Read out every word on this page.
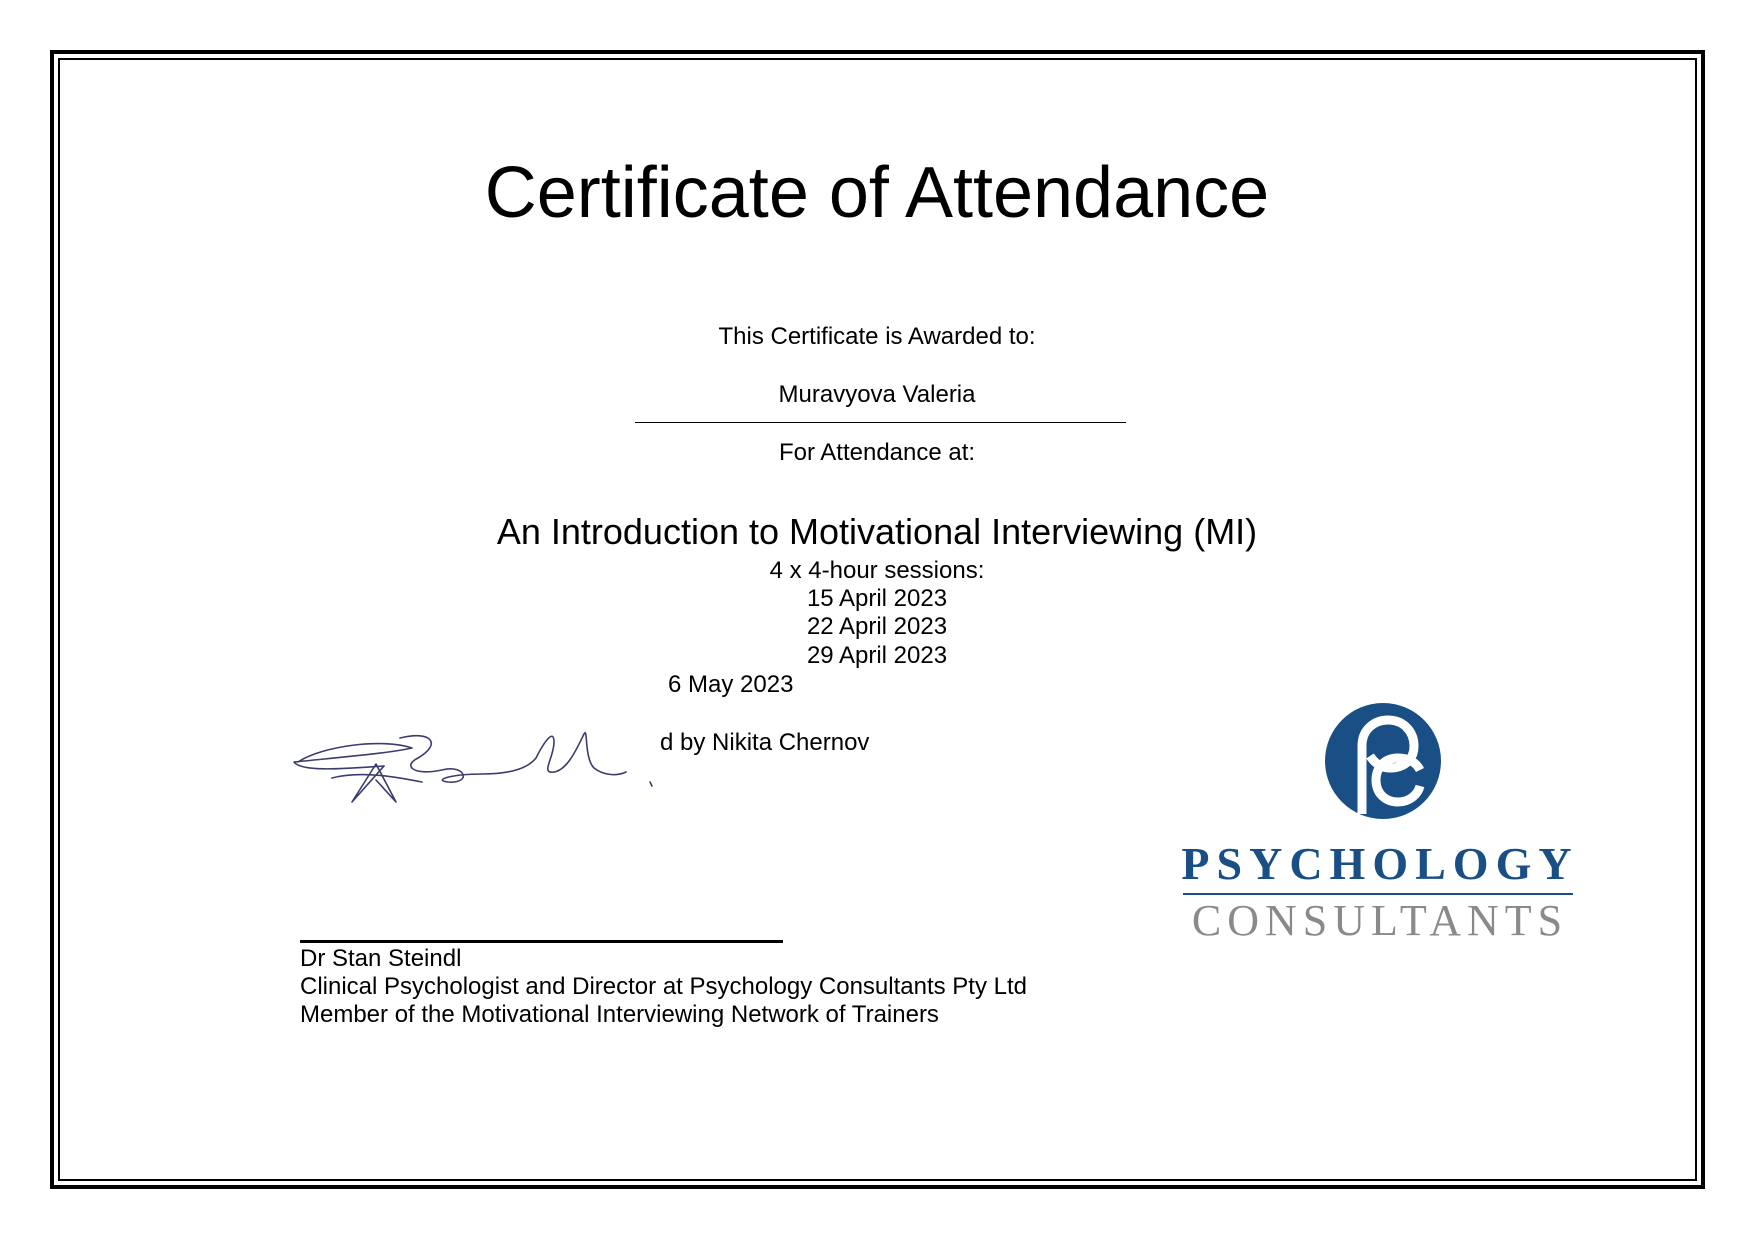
Certificate of Attendance
This Certificate is Awarded to:
Muravyova Valeria
For Attendance at:
An Introduction to Motivational Interviewing (MI)
4 x 4-hour sessions:
15 April 2023
22 April 2023
29 April 2023
6 May 2023
d by Nikita Chernov
Dr Stan Steindl
Clinical Psychologist and Director at Psychology Consultants Pty Ltd
Member of the Motivational Interviewing Network of Trainers
PSYCHOLOGY
CONSULTANTS
